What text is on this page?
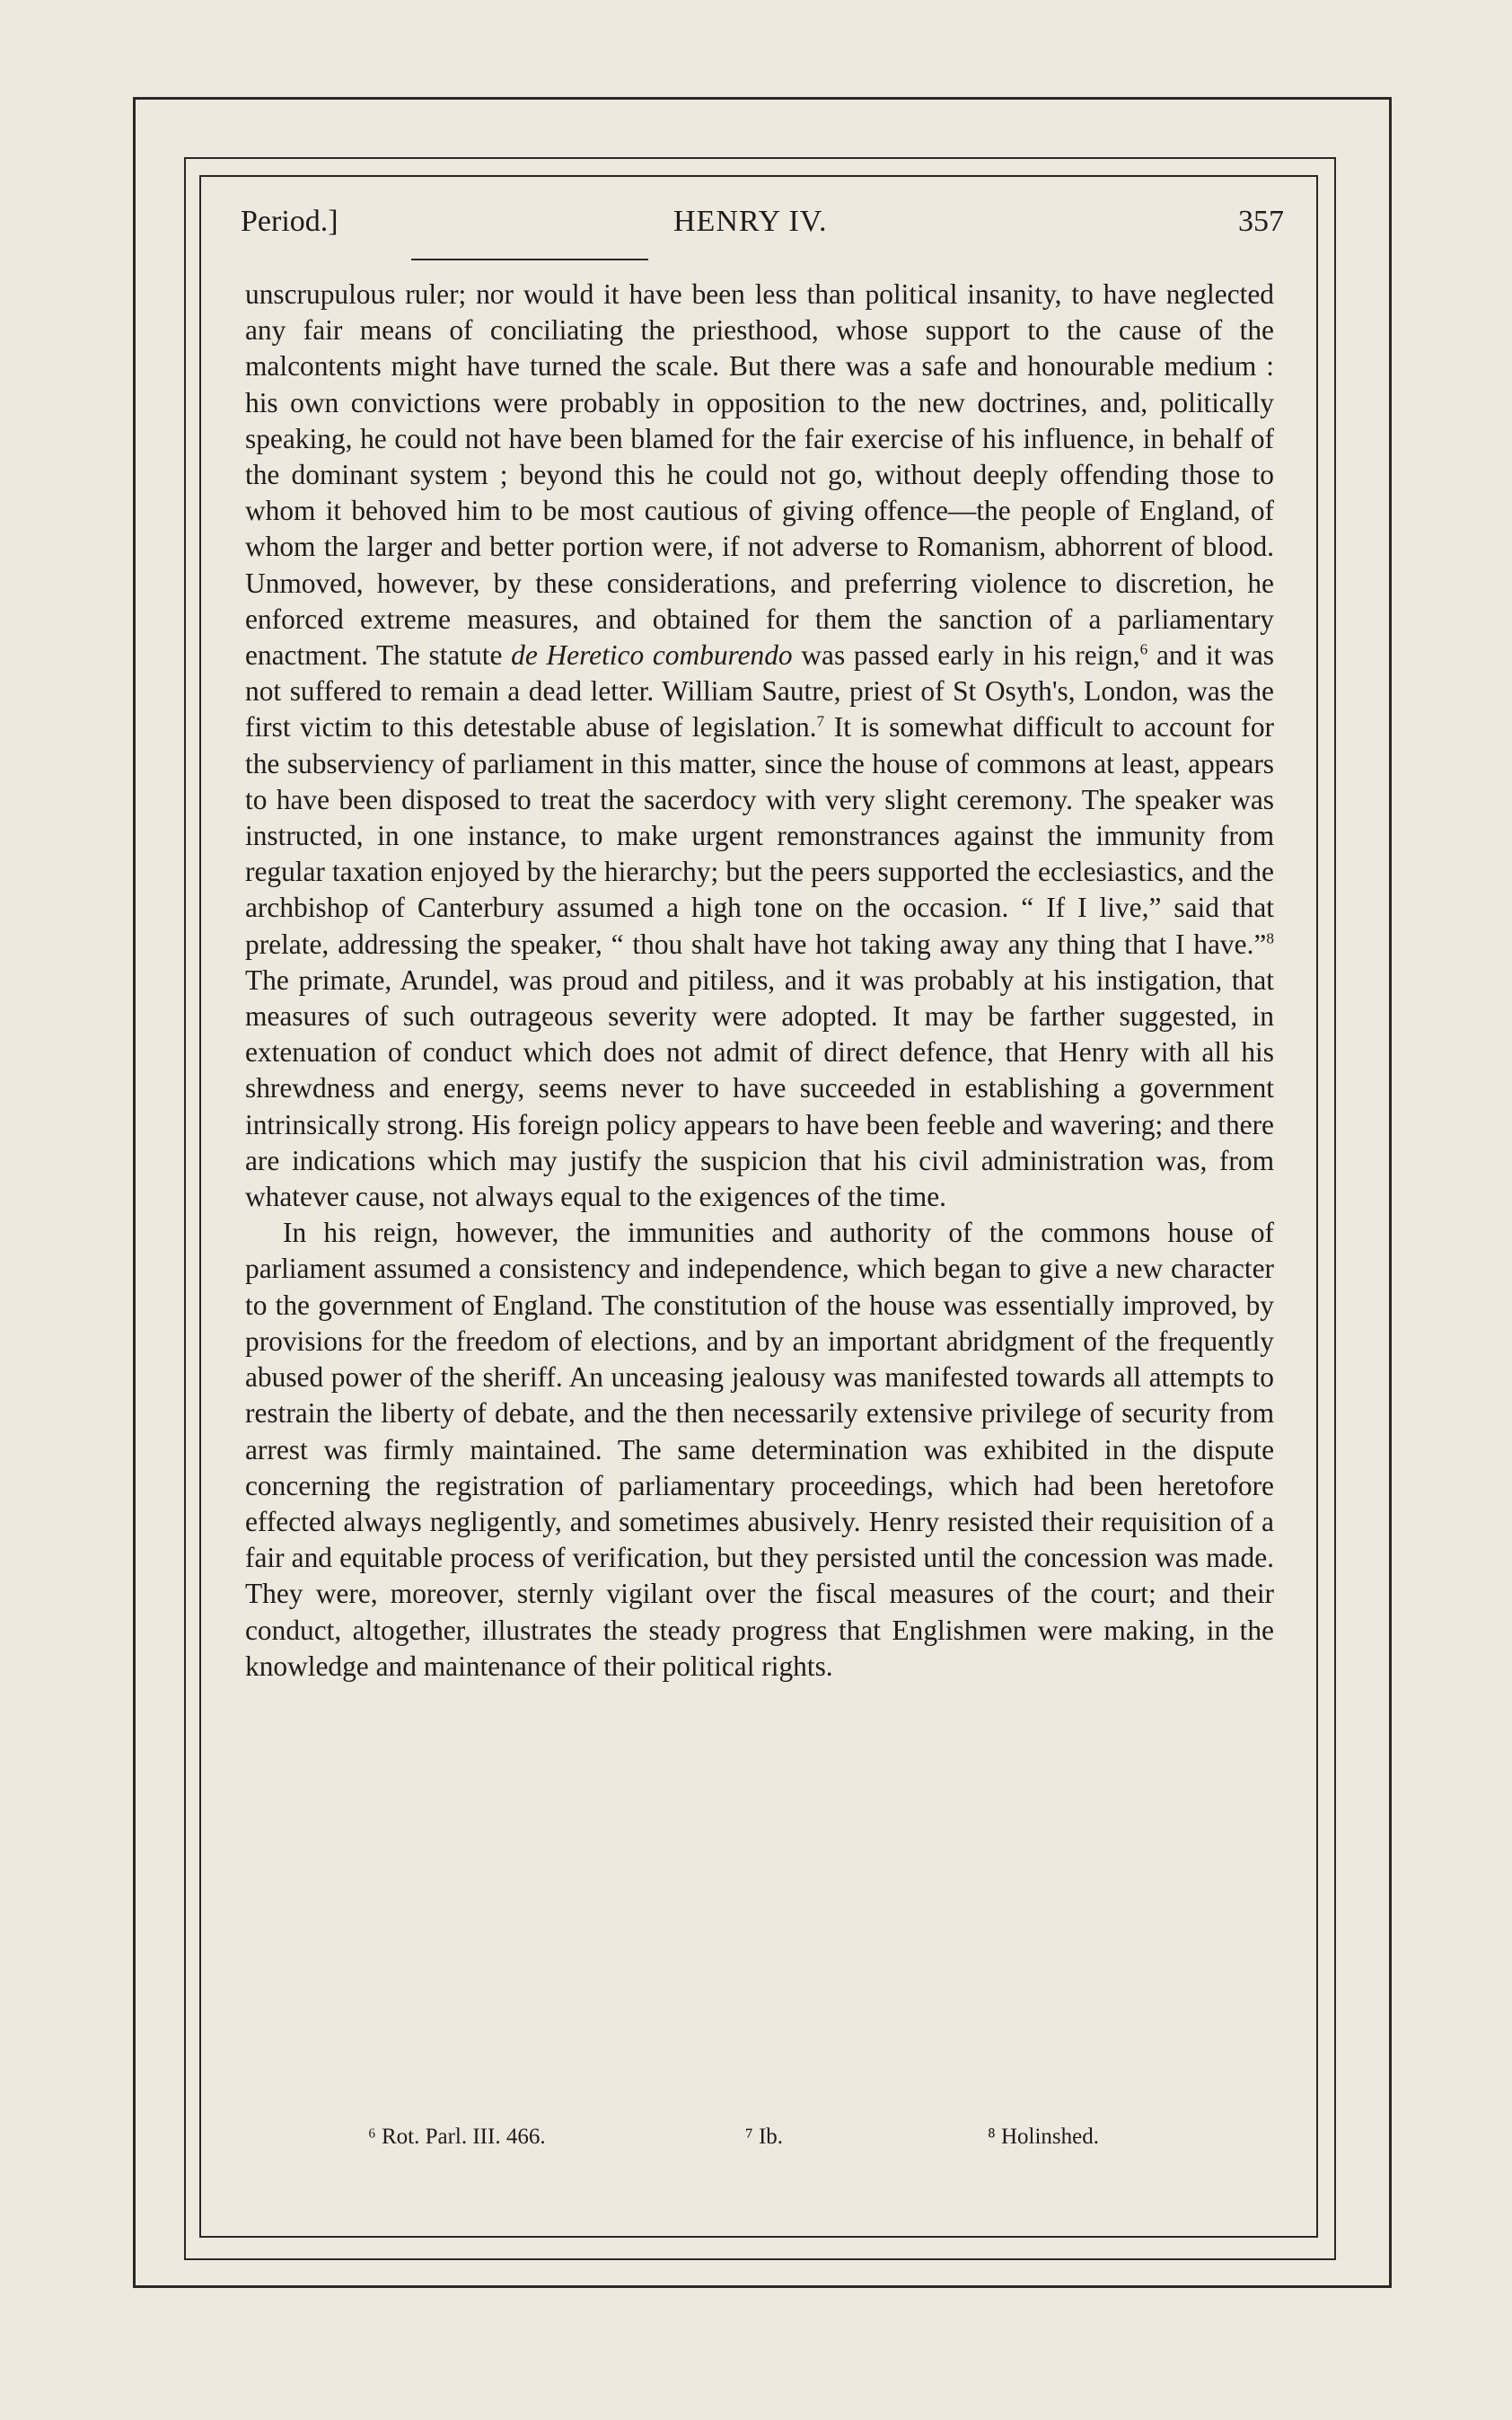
Period.]	HENRY IV.	357

unscrupulous ruler; nor would it have been less than political insanity, to have neglected any fair means of conciliating the priesthood, whose support to the cause of the malcontents might have turned the scale. But there was a safe and honourable medium : his own convictions were probably in opposition to the new doctrines, and, politically speaking, he could not have been blamed for the fair exercise of his influence, in behalf of the dominant system ; beyond this he could not go, without deeply offending those to whom it behoved him to be most cautious of giving offence—the people of England, of whom the larger and better portion were, if not adverse to Romanism, abhorrent of blood. Unmoved, however, by these considerations, and preferring violence to discretion, he enforced extreme measures, and obtained for them the sanction of a parliamentary enactment. The statute de Heretico comburendo was passed early in his reign,$^6$ and it was not suffered to remain a dead letter. William Sautre, priest of St Osyth's, London, was the first victim to this detestable abuse of legislation.$^7$ It is somewhat difficult to account for the subserviency of parliament in this matter, since the house of commons at least, appears to have been disposed to treat the sacerdocy with very slight ceremony. The speaker was instructed, in one instance, to make urgent remonstrances against the immunity from regular taxation enjoyed by the hierarchy; but the peers supported the ecclesiastics, and the archbishop of Canterbury assumed a high tone on the occasion. “ If I live,” said that prelate, addressing the speaker, “ thou shalt have hot taking away any thing that I have.”$^8$ The primate, Arundel, was proud and pitiless, and it was probably at his instigation, that measures of such outrageous severity were adopted. It may be farther suggested, in extenuation of conduct which does not admit of direct defence, that Henry with all his shrewdness and energy, seems never to have succeeded in establishing a government intrinsically strong. His foreign policy appears to have been feeble and wavering; and there are indications which may justify the suspicion that his civil administration was, from whatever cause, not always equal to the exigences of the time.

In his reign, however, the immunities and authority of the commons house of parliament assumed a consistency and independence, which began to give a new character to the government of England. The constitution of the house was essentially improved, by provisions for the freedom of elections, and by an important abridgment of the frequently abused power of the sheriff. An unceasing jealousy was manifested towards all attempts to restrain the liberty of debate, and the then necessarily extensive privilege of security from arrest was firmly maintained. The same determination was exhibited in the dispute concerning the registration of parliamentary proceedings, which had been heretofore effected always negligently, and sometimes abusively. Henry resisted their requisition of a fair and equitable process of verification, but they persisted until the concession was made. They were, moreover, sternly vigilant over the fiscal measures of the court; and their conduct, altogether, illustrates the steady progress that Englishmen were making, in the knowledge and maintenance of their political rights.

⁶ Rot. Parl. III. 466.	⁷ Ib.	⁸ Holinshed.
